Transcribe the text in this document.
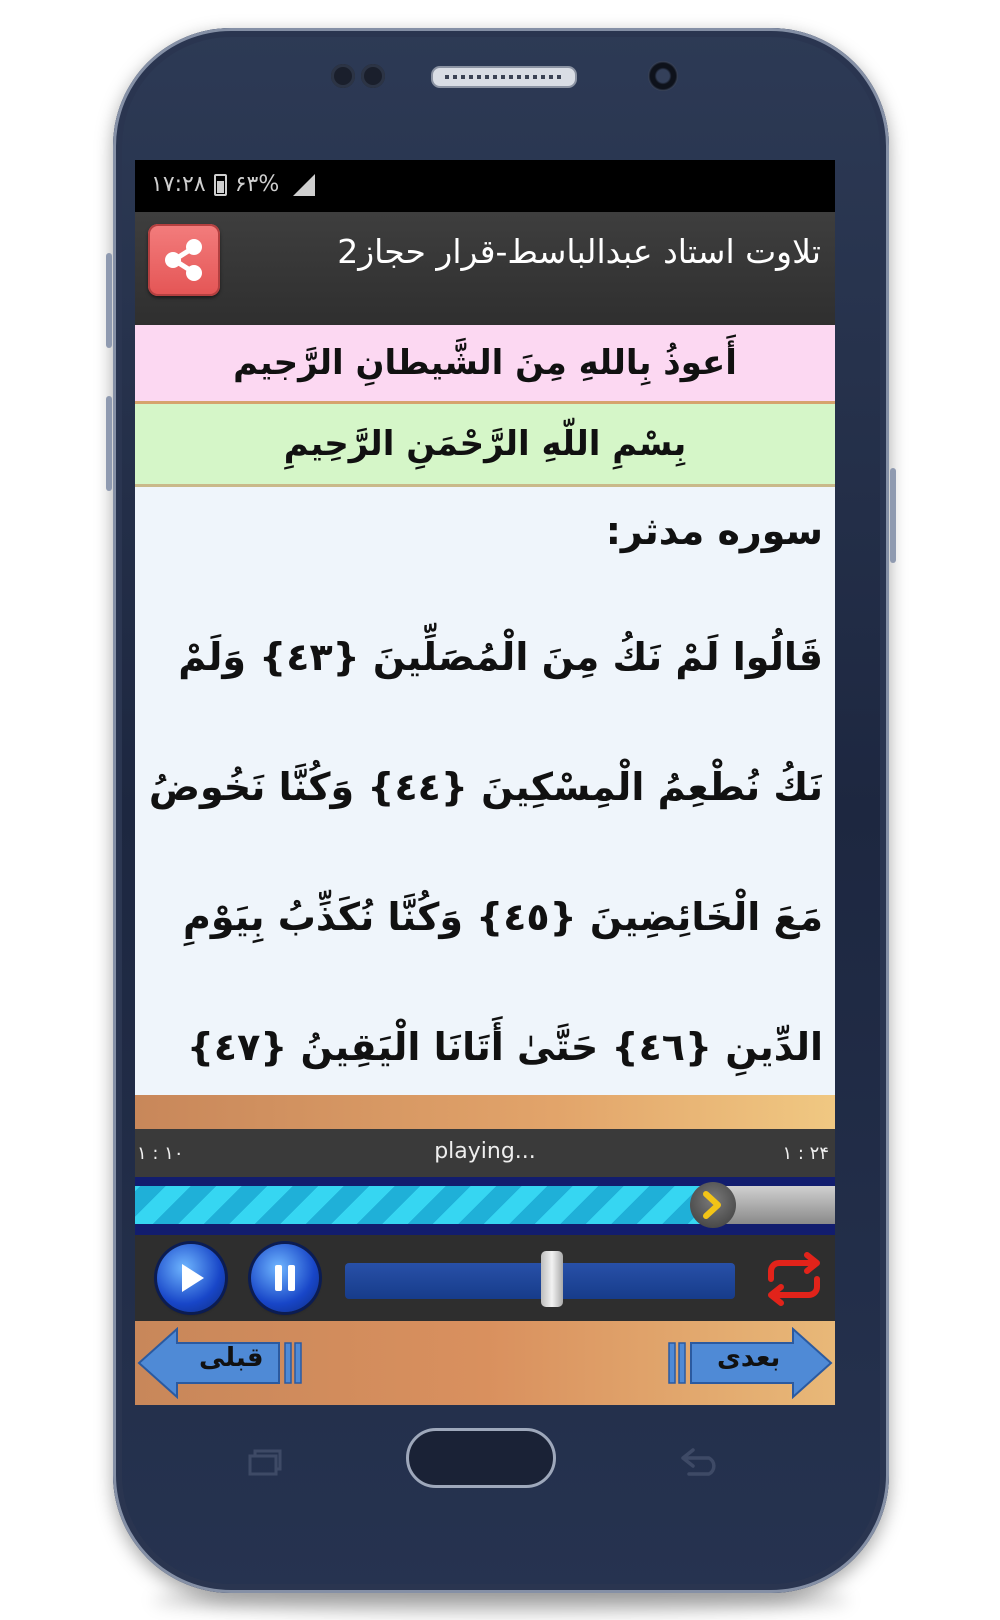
۱۷:۲۸ ۶۳%
تلاوت استاد عبدالباسط-قرار حجاز2
أَعوذُ بِاللهِ مِنَ الشَّيطانِ الرَّجيم
بِسْمِ اللّهِ الرَّحْمَنِ الرَّحِيمِ
سوره مدثر:
قَالُوا لَمْ نَكُ مِنَ الْمُصَلِّينَ {٤٣} وَلَمْ
نَكُ نُطْعِمُ الْمِسْكِينَ {٤٤} وَكُنَّا نَخُوضُ
مَعَ الْخَائِضِينَ {٤٥} وَكُنَّا نُكَذِّبُ بِيَوْمِ
الدِّينِ {٤٦} حَتَّىٰ أَتَانَا الْيَقِينُ {٤٧}
۱ : ۱۰	playing...	۱ : ۲۴
قبلی	بعدی
